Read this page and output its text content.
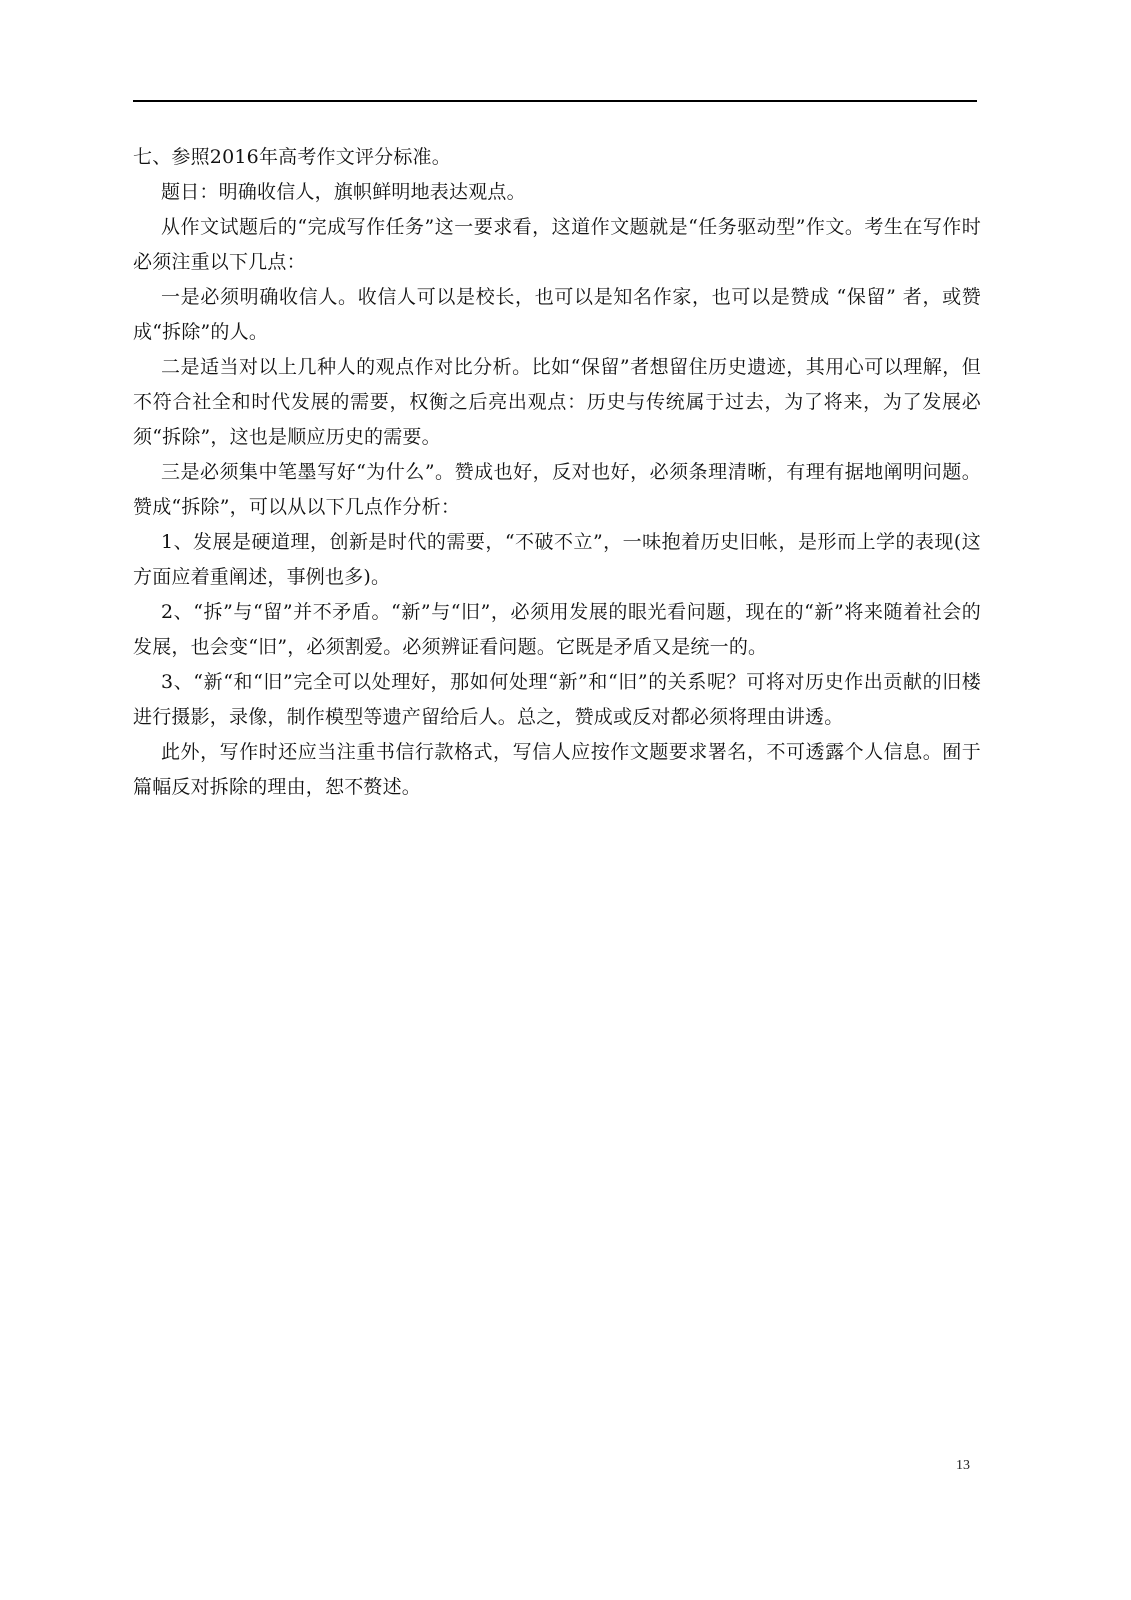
七、参照2016年高考作文评分标准。

题日：明确收信人，旗帜鲜明地表达观点。

从作文试题后的“完成写作任务”这一要求看，这道作文题就是“任务驱动型”作文。考生在写作时必须注重以下几点：

一是必须明确收信人。收信人可以是校长，也可以是知名作家，也可以是赞成 “保留” 者，或赞成“拆除”的人。

二是适当对以上几种人的观点作对比分析。比如“保留”者想留住历史遗迹，其用心可以理解，但不符合社全和时代发展的需要，权衡之后亮出观点：历史与传统属于过去，为了将来，为了发展必须“拆除”，这也是顺应历史的需要。

三是必须集中笔墨写好“为什么”。赞成也好，反对也好，必须条理清晰，有理有据地阐明问题。赞成“拆除”，可以从以下几点作分析：

1、发展是硬道理，创新是时代的需要，“不破不立”，一味抱着历史旧帐，是形而上学的表现(这方面应着重阐述，事例也多)。

2、“拆”与“留”并不矛盾。“新”与“旧”，必须用发展的眼光看问题，现在的“新”将来随着社会的发展，也会变“旧”，必须割爱。必须辨证看问题。它既是矛盾又是统一的。

3、“新“和“旧”完全可以处理好，那如何处理“新”和“旧”的关系呢？可将对历史作出贡献的旧楼进行摄影，录像，制作模型等遗产留给后人。总之，赞成或反对都必须将理由讲透。

此外，写作时还应当注重书信行款格式，写信人应按作文题要求署名，不可透露个人信息。囿于篇幅反对拆除的理由，恕不赘述。

13
